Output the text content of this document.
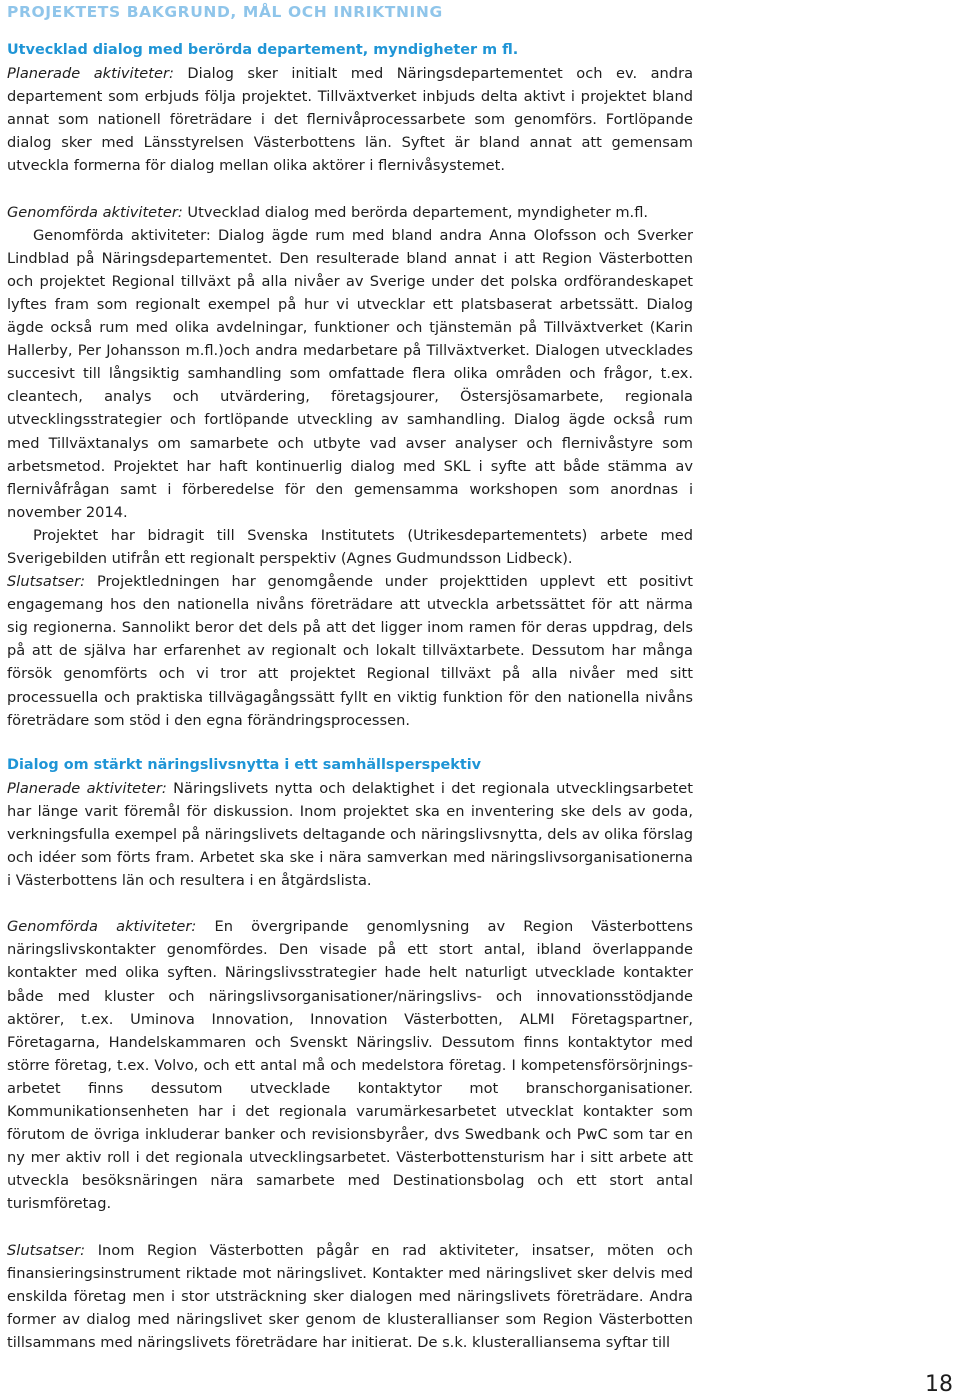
PROJEKTETS BAKGRUND, MÅL OCH INRIKTNING

Utvecklad dialog med berörda departement, myndigheter m fl.

Planerade aktiviteter: Dialog sker initialt med Näringsdepartementet och ev. andra departement som erbjuds följa projektet. Tillväxtverket inbjuds delta aktivt i projektet bland annat som nationell företrädare i det flernivåprocessarbete som genomförs. Fortlöpande dialog sker med Länsstyrelsen Västerbottens län. Syftet är bland annat att gemensam utveckla formerna för dialog mellan olika aktörer i flernivåsystemet.

Genomförda aktiviteter: Utvecklad dialog med berörda departement, myndigheter m.fl.

Genomförda aktiviteter: Dialog ägde rum med bland andra Anna Olofsson och Sverker Lindblad på Näringsdepartementet. Den resulterade bland annat i att Region Västerbotten och projektet Regional tillväxt på alla nivåer av Sverige under det polska ordförandeskapet lyftes fram som regionalt exempel på hur vi utvecklar ett platsbaserat arbetssätt. Dialog ägde också rum med olika avdelningar, funktioner och tjänstemän på Tillväxtverket (Karin Hallerby, Per Johansson m.fl.)och andra medarbetare på Tillväxtverket. Dialogen utvecklades succesivt till långsiktig samhandling som omfattade flera olika områden och frågor, t.ex. cleantech, analys och utvärdering, företagsjourer, Östersjösamarbete, regionala utvecklingsstrategier och fortlöpande utveckling av samhandling. Dialog ägde också rum med Tillväxtanalys om samarbete och utbyte vad avser analyser och flernivåstyre som arbetsmetod. Projektet har haft kontinuerlig dialog med SKL i syfte att både stämma av flernivåfrågan samt i förberedelse för den gemensamma workshopen som anordnas i november 2014.

Projektet har bidragit till Svenska Institutets (Utrikesdepartementets) arbete med Sverigebilden utifrån ett regionalt perspektiv (Agnes Gudmundsson Lidbeck).

Slutsatser: Projektledningen har genomgående under projekttiden upplevt ett positivt engagemang hos den nationella nivåns företrädare att utveckla arbetssättet för att närma sig regionerna. Sannolikt beror det dels på att det ligger inom ramen för deras uppdrag, dels på att de själva har erfarenhet av regionalt och lokalt tillväxtarbete. Dessutom har många försök genomförts och vi tror att projektet Regional tillväxt på alla nivåer med sitt processuella och praktiska tillvägagångssätt fyllt en viktig funktion för den nationella nivåns företrädare som stöd i den egna förändringsprocessen.

Dialog om stärkt näringslivsnytta i ett samhällsperspektiv

Planerade aktiviteter: Näringslivets nytta och delaktighet i det regionala utvecklingsarbetet har länge varit föremål för diskussion. Inom projektet ska en inventering ske dels av goda, verkningsfulla exempel på näringslivets deltagande och näringslivsnytta, dels av olika förslag och idéer som förts fram. Arbetet ska ske i nära samverkan med näringslivsorganisationerna i Västerbottens län och resultera i en åtgärdslista.

Genomförda aktiviteter: En övergripande genomlysning av Region Västerbottens näringslivskontakter genomfördes. Den visade på ett stort antal, ibland överlappande kontakter med olika syften. Näringslivsstrategier hade helt naturligt utvecklade kontakter både med kluster och näringslivsorganisationer/näringslivs- och innovationsstödjande aktörer, t.ex. Uminova Innovation, Innovation Västerbotten, ALMI Företagspartner, Företagarna, Handelskammaren och Svenskt Näringsliv. Dessutom finns kontaktytor med större företag, t.ex. Volvo, och ett antal må och medelstora företag. I kompetensförsörjnings-arbetet finns dessutom utvecklade kontaktytor mot branschorganisationer. Kommunikationsenheten har i det regionala varumärkesarbetet utvecklat kontakter som förutom de övriga inkluderar banker och revisionsbyråer, dvs Swedbank och PwC som tar en ny mer aktiv roll i det regionala utvecklingsarbetet. Västerbottensturism har i sitt arbete att utveckla besöksnäringen nära samarbete med Destinationsbolag och ett stort antal turismföretag.

Slutsatser: Inom Region Västerbotten pågår en rad aktiviteter, insatser, möten och finansieringsinstrument riktade mot näringslivet. Kontakter med näringslivet sker delvis med enskilda företag men i stor utsträckning sker dialogen med näringslivets företrädare. Andra former av dialog med näringslivet sker genom de klusterallianser som Region Västerbotten tillsammans med näringslivets företrädare har initierat. De s.k. klusteralliansema syftar till

18
